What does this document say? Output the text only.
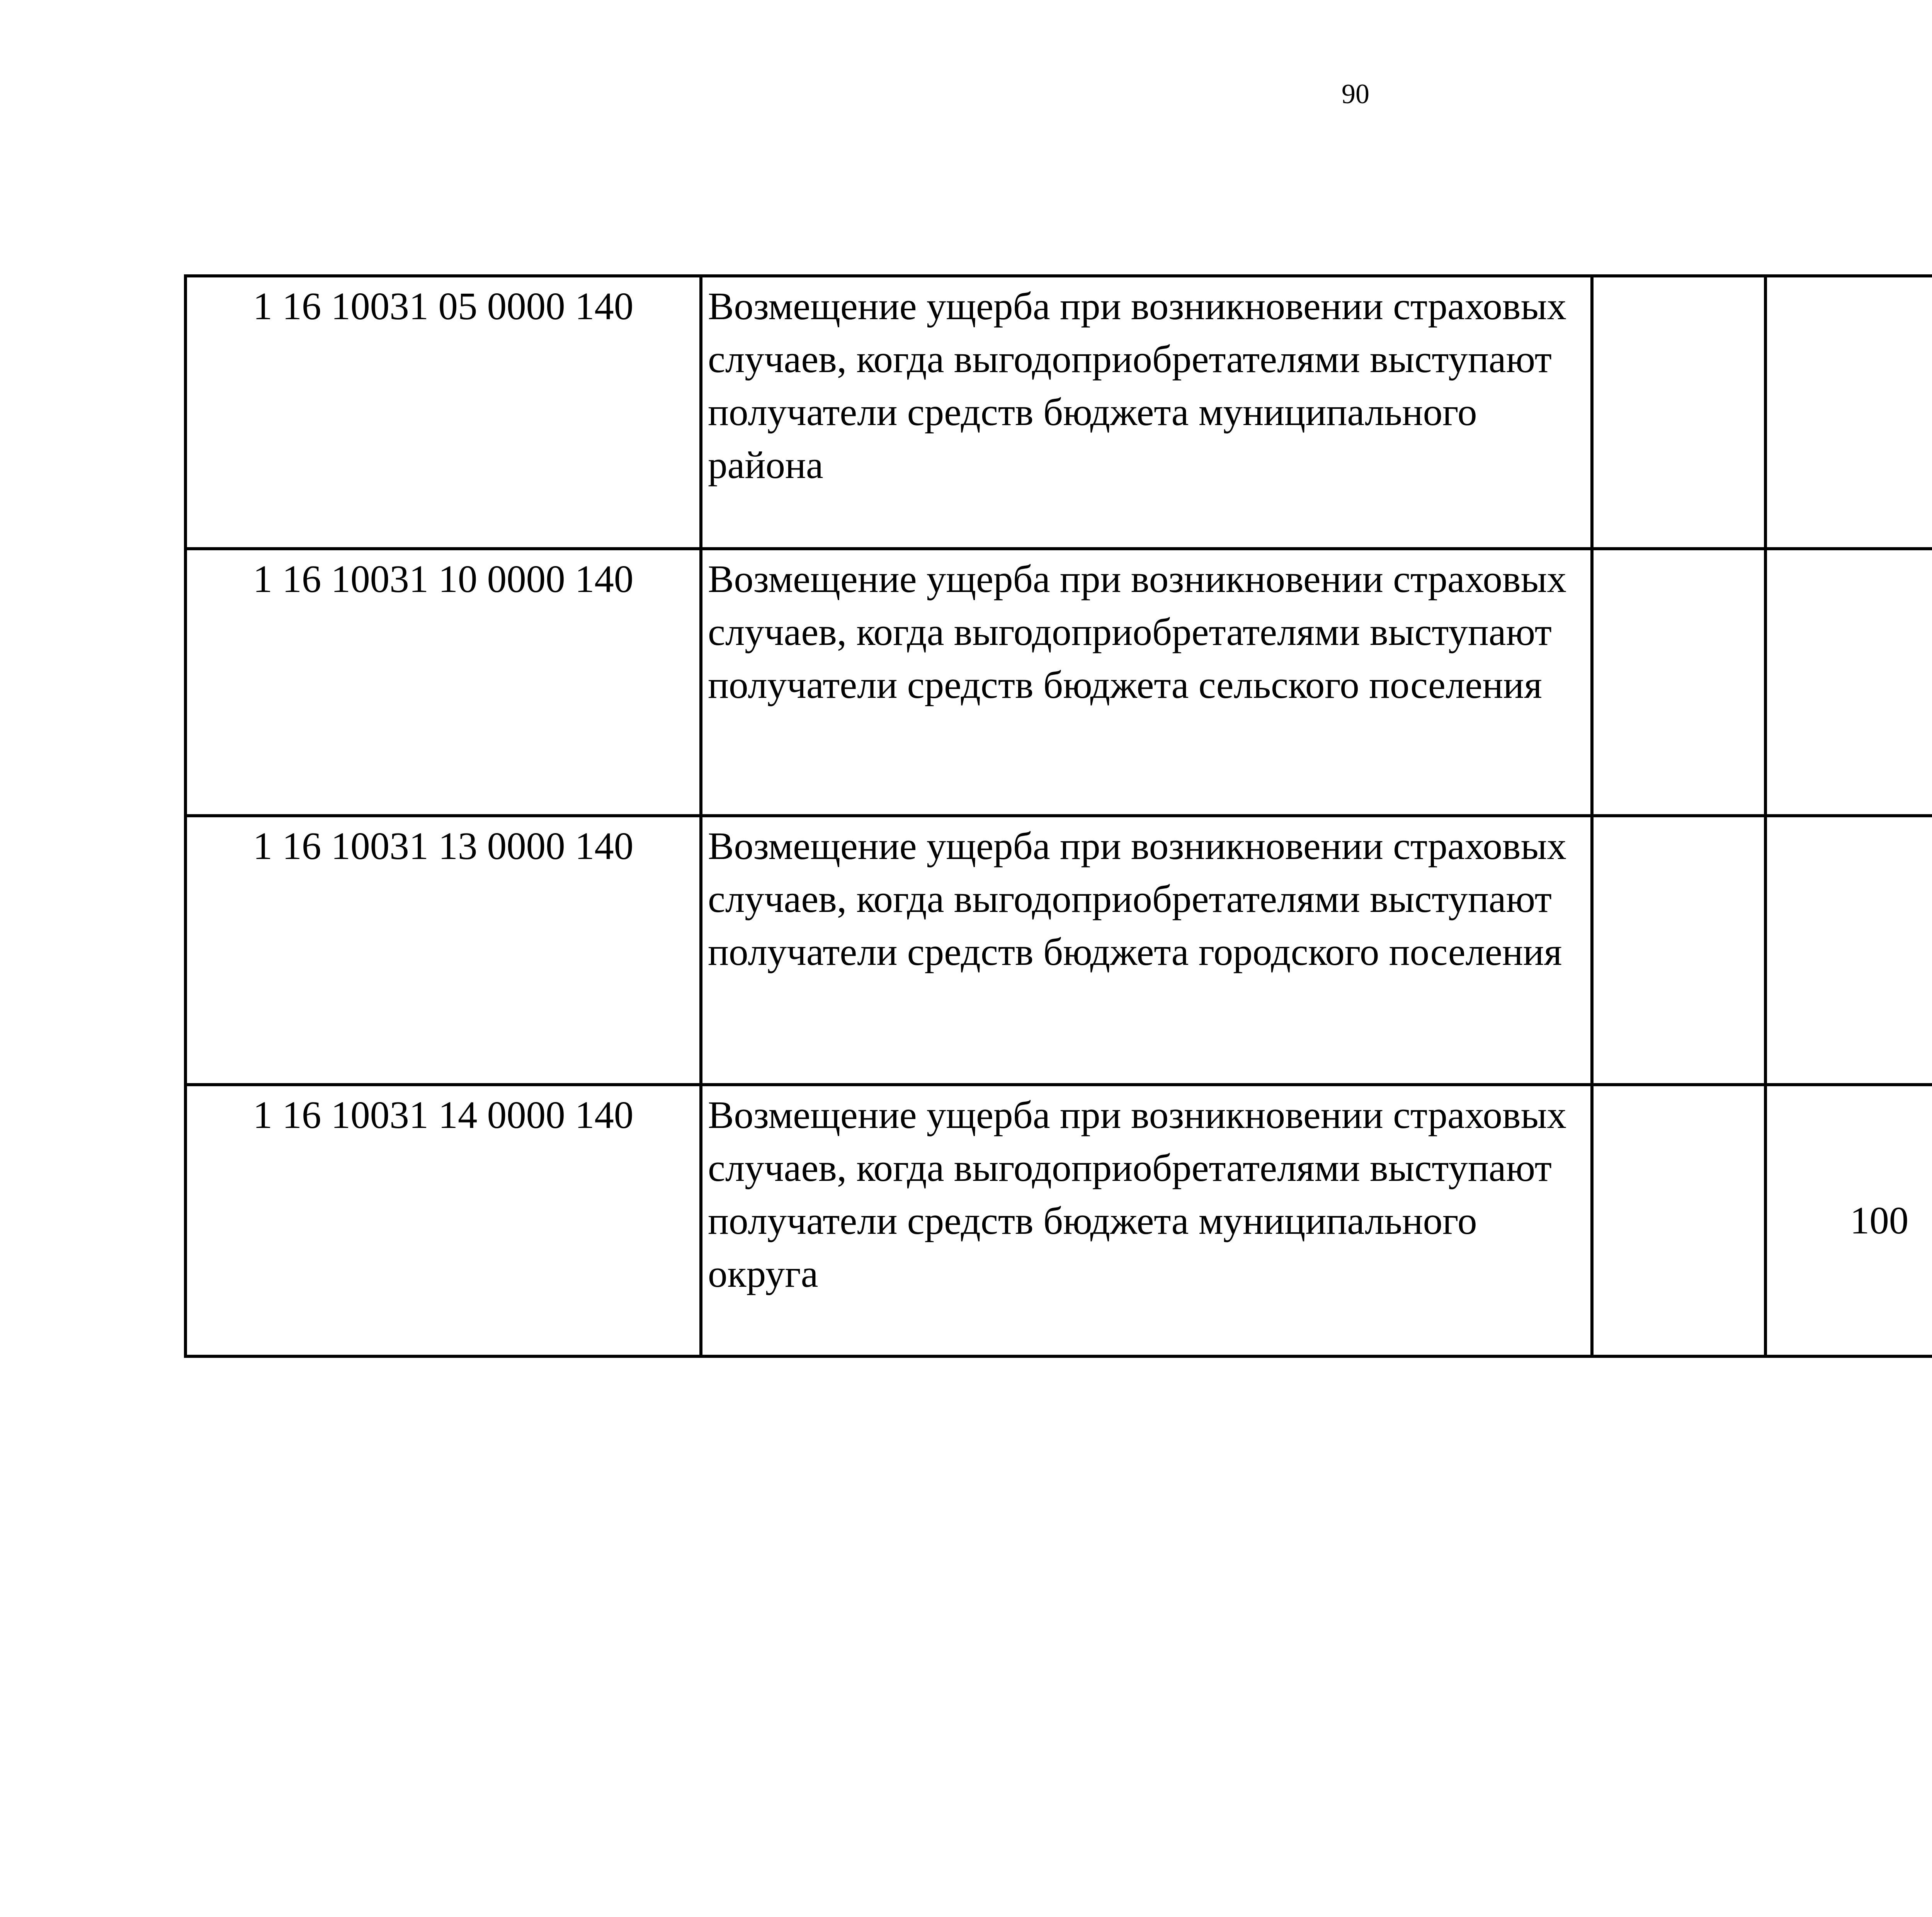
90
1 16 10031 05 0000 140	Возмещение ущерба при возникновении страховых случаев, когда выгодоприобретателями выступают получатели средств бюджета муниципального района					
1 16 10031 10 0000 140	Возмещение ущерба при возникновении страховых случаев, когда выгодоприобретателями выступают получатели средств бюджета сельского поселения					
1 16 10031 13 0000 140	Возмещение ущерба при возникновении страховых случаев, когда выгодоприобретателями выступают получатели средств бюджета городского поселения					
1 16 10031 14 0000 140	Возмещение ущерба при возникновении страховых случаев, когда выгодоприобретателями выступают получатели средств бюджета муниципального округа		100			
